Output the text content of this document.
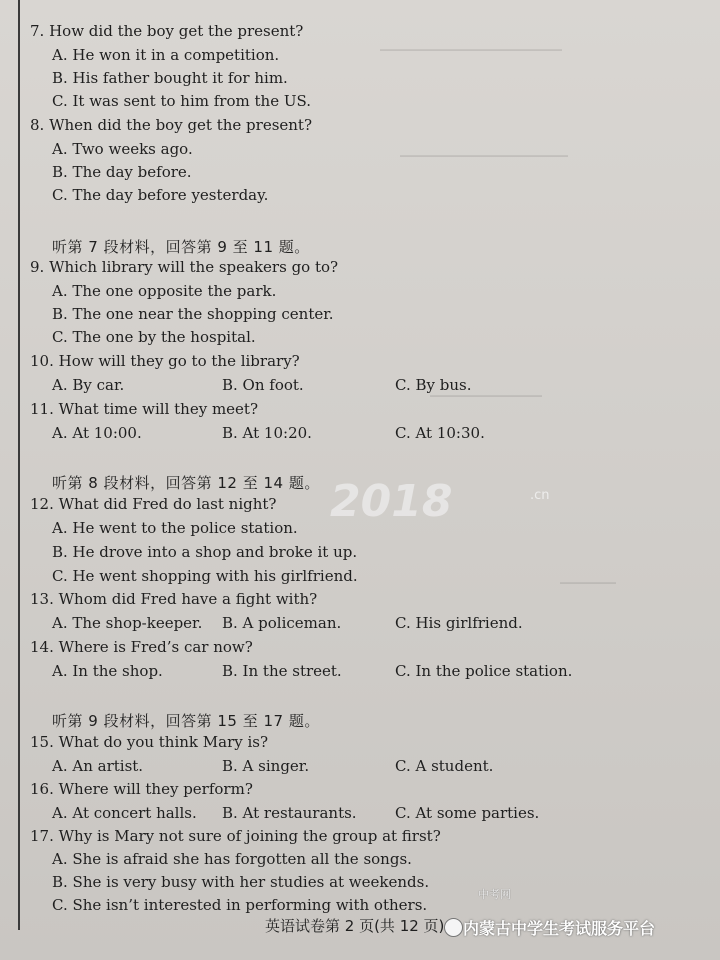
―――――――――――――
――――――――――――
――――――――
――――
7. How did the boy get the present?
A. He won it in a competition.
B. His father bought it for him.
C. It was sent to him from the US.
8. When did the boy get the present?
A. Two weeks ago.
B. The day before.
C. The day before yesterday.
听第 7 段材料，回答第 9 至 11 题。
9. Which library will the speakers go to?
A. The one opposite the park.
B. The one near the shopping center.
C. The one by the hospital.
10. How will they go to the library?
A. By car.	B. On foot.	C. By bus.
11. What time will they meet?
A. At 10:00.	B. At 10:20.	C. At 10:30.
听第 8 段材料，回答第 12 至 14 题。
12. What did Fred do last night?
A. He went to the police station.
B. He drove into a shop and broke it up.
C. He went shopping with his girlfriend.
13. Whom did Fred have a fight with?
A. The shop-keeper. B. A policeman.	C. His girlfriend.
14. Where is Fred’s car now?
A. In the shop.	B. In the street.	C. In the police station.
听第 9 段材料，回答第 15 至 17 题。
15. What do you think Mary is?
A. An artist.	B. A singer.	C. A student.
16. Where will they perform?
A. At concert halls. B. At restaurants.	C. At some parties.
17. Why is Mary not sure of joining the group at first?
A. She is afraid she has forgotten all the songs.
B. She is very busy with her studies at weekends.
C. She isn’t interested in performing with others.
英语试卷第 2 页(共 12 页)
2018	.cn
中考网
内蒙古中学生考试服务平台
